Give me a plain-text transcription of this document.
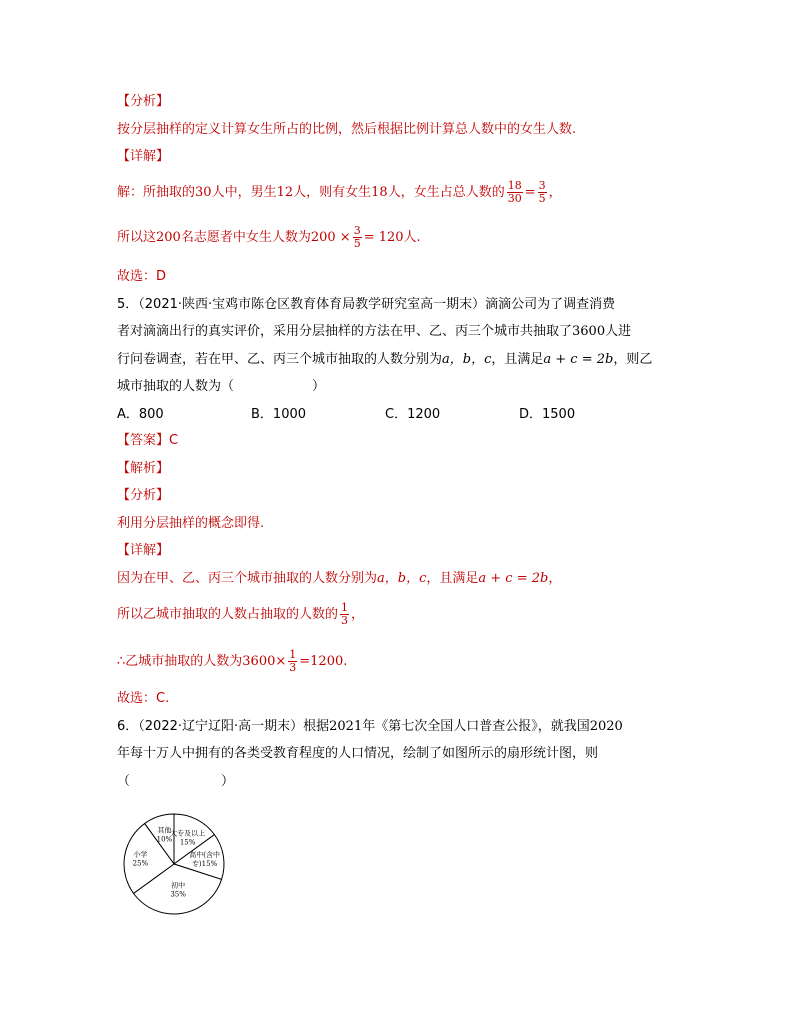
【分析】
按分层抽样的定义计算女生所占的比例，然后根据比例计算总人数中的女生人数.
【详解】
解：所抽取的30人中，男生12人，则有女生18人，女生占总人数的 $\frac{18}{30} = \frac{3}{5}$ ，
所以这200名志愿者中女生人数为$200 \times \frac{3}{5} = 120$人.
故选：D
5．（2021·陕西·宝鸡市陈仓区教育体育局教学研究室高一期末）滴滴公司为了调查消费
者对滴滴出行的真实评价，采用分层抽样的方法在甲、乙、丙三个城市共抽取了3600人进
行问卷调查，若在甲、乙、丙三个城市抽取的人数分别为a，b，c，且满足a + c = 2b，则乙
城市抽取的人数为（　　　　　　）
A．800	B．1000	C．1200	D．1500
【答案】C
【解析】
【分析】
利用分层抽样的概念即得.
【详解】
因为在甲、乙、丙三个城市抽取的人数分别为a，b，c，且满足a + c = 2b，
所以乙城市抽取的人数占抽取的人数的 $\frac{1}{3}$ ，
∴乙城市抽取的人数为$3600\times \frac{1}{3} =1200$.
故选：C.
6．（2022·辽宁辽阳·高一期末）根据2021年《第七次全国人口普查公报》，就我国2020
年每十万人中拥有的各类受教育程度的人口情况，绘制了如图所示的扇形统计图，则
（　　　　　　　）
其他
10%
大专及以上
15%
高中(含中
专)15%
初中
35%
小学
25%
